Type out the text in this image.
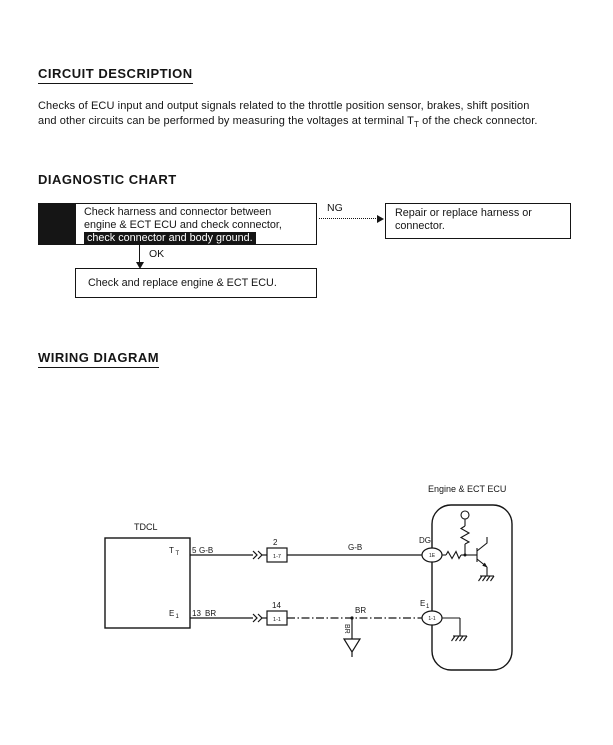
CIRCUIT DESCRIPTION
Checks of ECU input and output signals related to the throttle position sensor, brakes, shift position
and other circuits can be performed by measuring the voltages at terminal $T_T$ of the check connector.
DIAGNOSTIC CHART
Check harness and connector between
engine & ECT ECU and check connector,
check connector and body ground.
NG	Repair or replace harness or
connector.
OK
Check and replace engine & ECT ECU.
WIRING DIAGRAM
Engine & ECT ECU
TDCL
T T 5 G-B
2
1-7
G-B
DG
1E
E 1 13 BR
14
1-1
BR
BR
E 1
1-1
